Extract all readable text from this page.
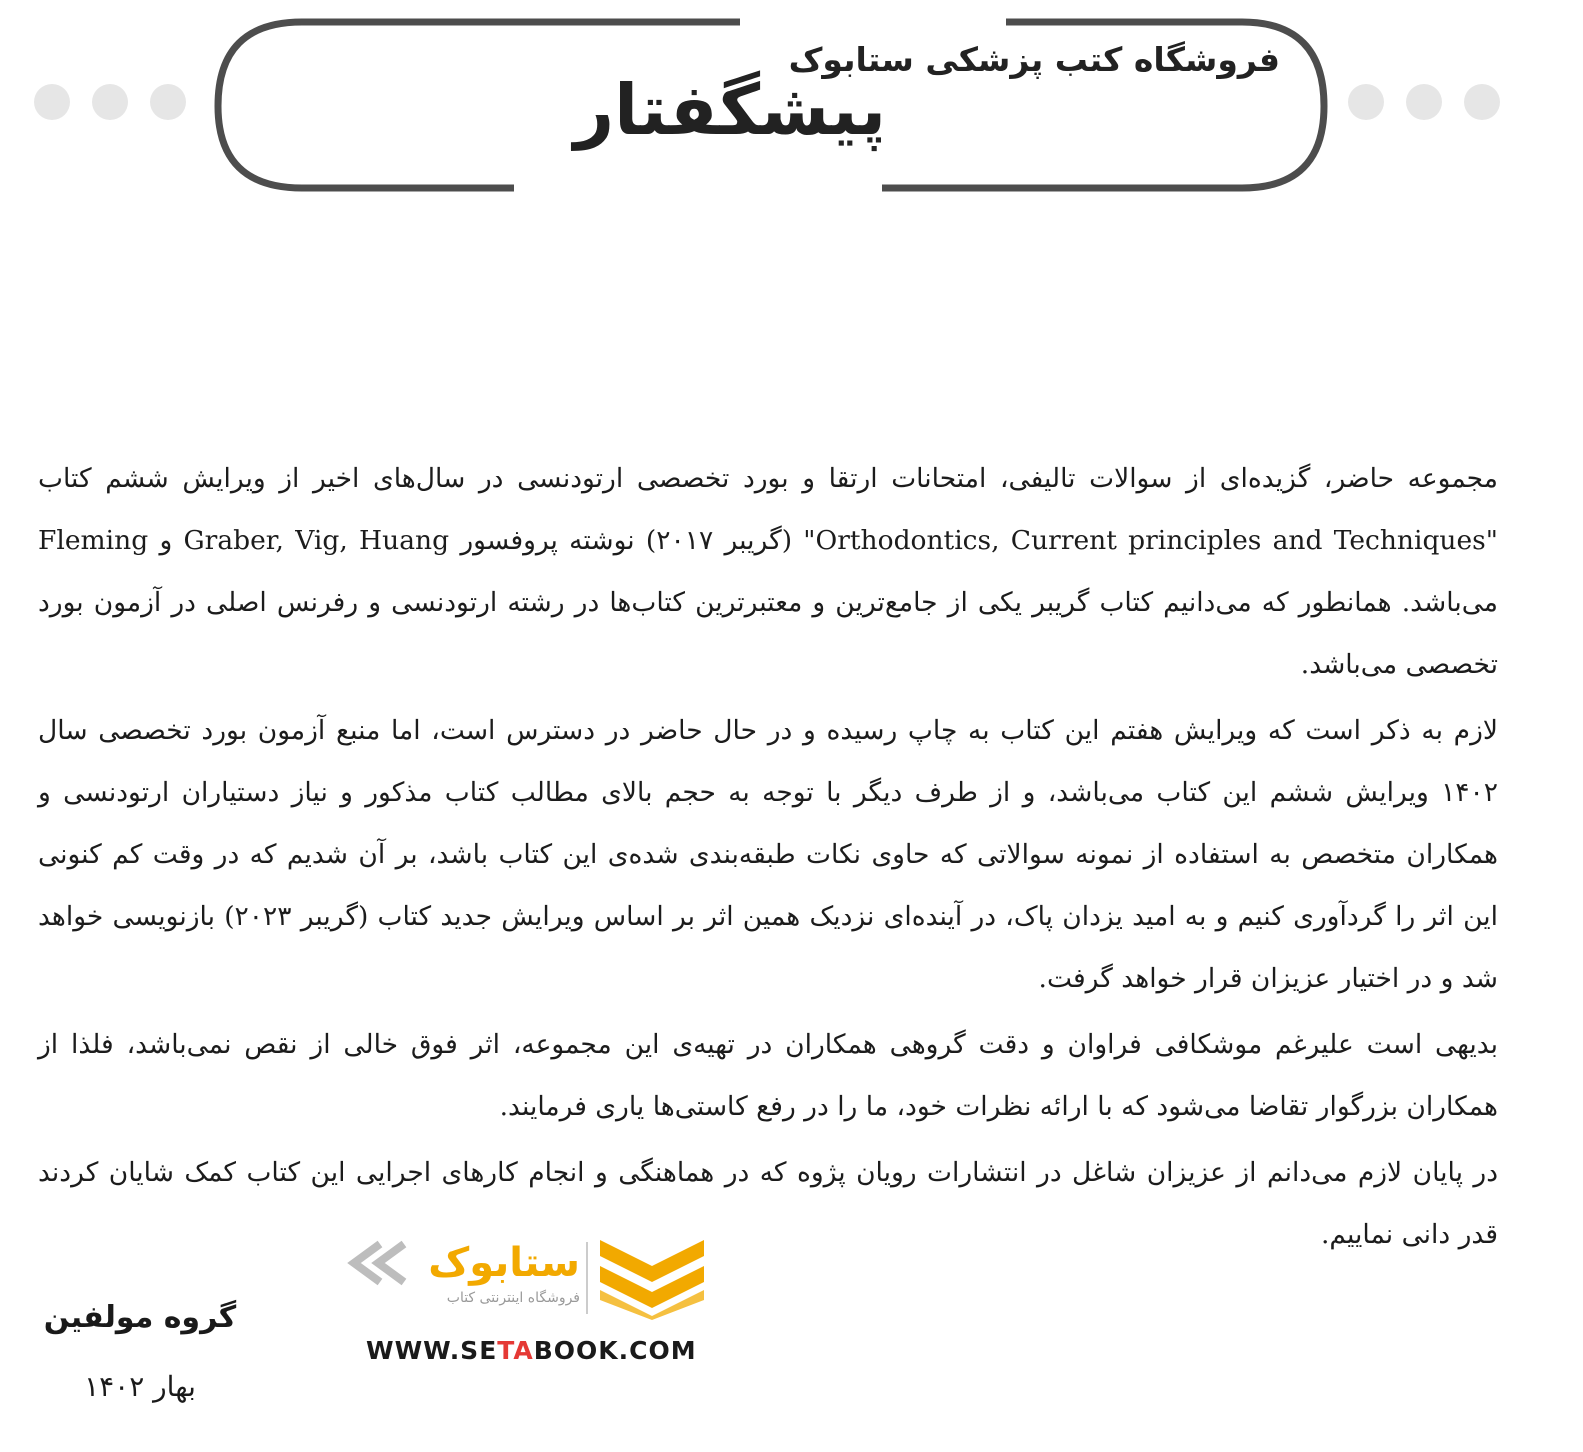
فروشگاه کتب پزشکی ستابوک
پیشگفتار

مجموعه حاضر، گزیده‌ای از سوالات تالیفی، امتحانات ارتقا و بورد تخصصی ارتودنسی در سال‌های اخیر از ویرایش ششم کتاب "Orthodontics, Current principles and Techniques" (گریبر ۲۰۱۷) نوشته پروفسور Graber, Vig, Huang و Fleming می‌باشد. همانطور که می‌دانیم کتاب گریبر یکی از جامع‌ترین و معتبرترین کتاب‌ها در رشته ارتودنسی و رفرنس اصلی در آزمون بورد تخصصی می‌باشد.

لازم به ذکر است که ویرایش هفتم این کتاب به چاپ رسیده و در حال حاضر در دسترس است، اما منبع آزمون بورد تخصصی سال ۱۴۰۲ ویرایش ششم این کتاب می‌باشد، و از طرف دیگر با توجه به حجم بالای مطالب کتاب مذکور و نیاز دستیاران ارتودنسی و همکاران متخصص به استفاده از نمونه سوالاتی که حاوی نکات طبقه‌بندی شده‌ی این کتاب باشد، بر آن شدیم که در وقت کم کنونی این اثر را گردآوری کنیم و به امید یزدان پاک، در آینده‌ای نزدیک همین اثر بر اساس ویرایش جدید کتاب (گریبر ۲۰۲۳) بازنویسی خواهد شد و در اختیار عزیزان قرار خواهد گرفت.

بدیهی است علیرغم موشکافی فراوان و دقت گروهی همکاران در تهیه‌ی این مجموعه، اثر فوق خالی از نقص نمی‌باشد، فلذا از همکاران بزرگوار تقاضا می‌شود که با ارائه نظرات خود، ما را در رفع کاستی‌ها یاری فرمایند.

در پایان لازم می‌دانم از عزیزان شاغل در انتشارات رویان پژوه که در هماهنگی و انجام کارهای اجرایی این کتاب کمک شایان کردند قدر دانی نماییم.

ستابوک
فروشگاه اینترنتی کتاب
WWW.SETABOOK.COM
گروه مولفین
بهار ۱۴۰۲
